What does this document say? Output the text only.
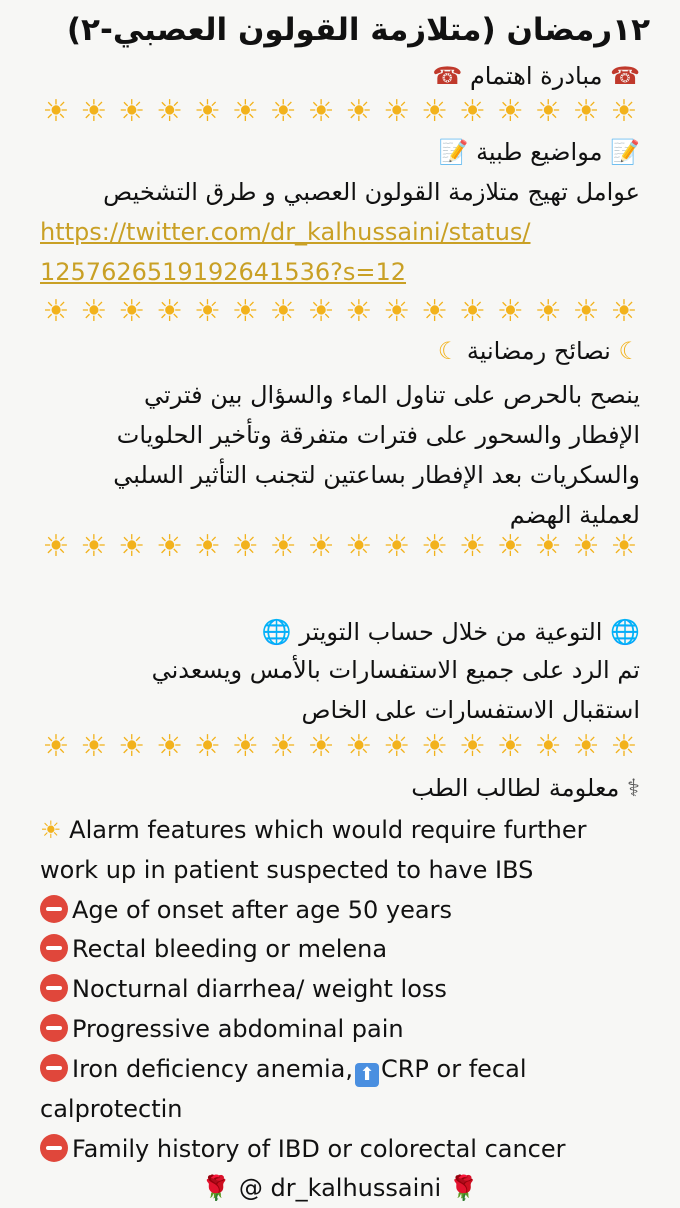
١٢رمضان (متلازمة القولون العصبي-٢)
☎ مبادرة اهتمام ☎
☀ ☀ ☀ ☀ ☀ ☀ ☀ ☀ ☀ ☀ ☀ ☀ ☀ ☀ ☀ ☀
📝 مواضيع طبية 📝
عوامل تهيج متلازمة القولون العصبي و طرق التشخيص
https://twitter.com/dr_kalhussaini/status/
1257626519192641536?s=12
☀ ☀ ☀ ☀ ☀ ☀ ☀ ☀ ☀ ☀ ☀ ☀ ☀ ☀ ☀ ☀
☾ نصائح رمضانية ☾
ينصح بالحرص على تناول الماء والسؤال بين فترتي
الإفطار والسحور على فترات متفرقة وتأخير الحلويات
والسكريات بعد الإفطار بساعتين لتجنب التأثير السلبي
لعملية الهضم
☀ ☀ ☀ ☀ ☀ ☀ ☀ ☀ ☀ ☀ ☀ ☀ ☀ ☀ ☀ ☀
🌐 التوعية من خلال حساب التويتر 🌐
تم الرد على جميع الاستفسارات بالأمس ويسعدني
استقبال الاستفسارات على الخاص
☀ ☀ ☀ ☀ ☀ ☀ ☀ ☀ ☀ ☀ ☀ ☀ ☀ ☀ ☀ ☀
⚕ معلومة لطالب الطب
☀ Alarm features which would require further
work up in patient suspected to have IBS
Age of onset after age 50 years
Rectal bleeding or melena
Nocturnal diarrhea/ weight loss
Progressive abdominal pain
Iron deficiency anemia, ⬆ CRP or fecal
calprotectin
Family history of IBD or colorectal cancer
🌹 @ dr_kalhussaini 🌹
